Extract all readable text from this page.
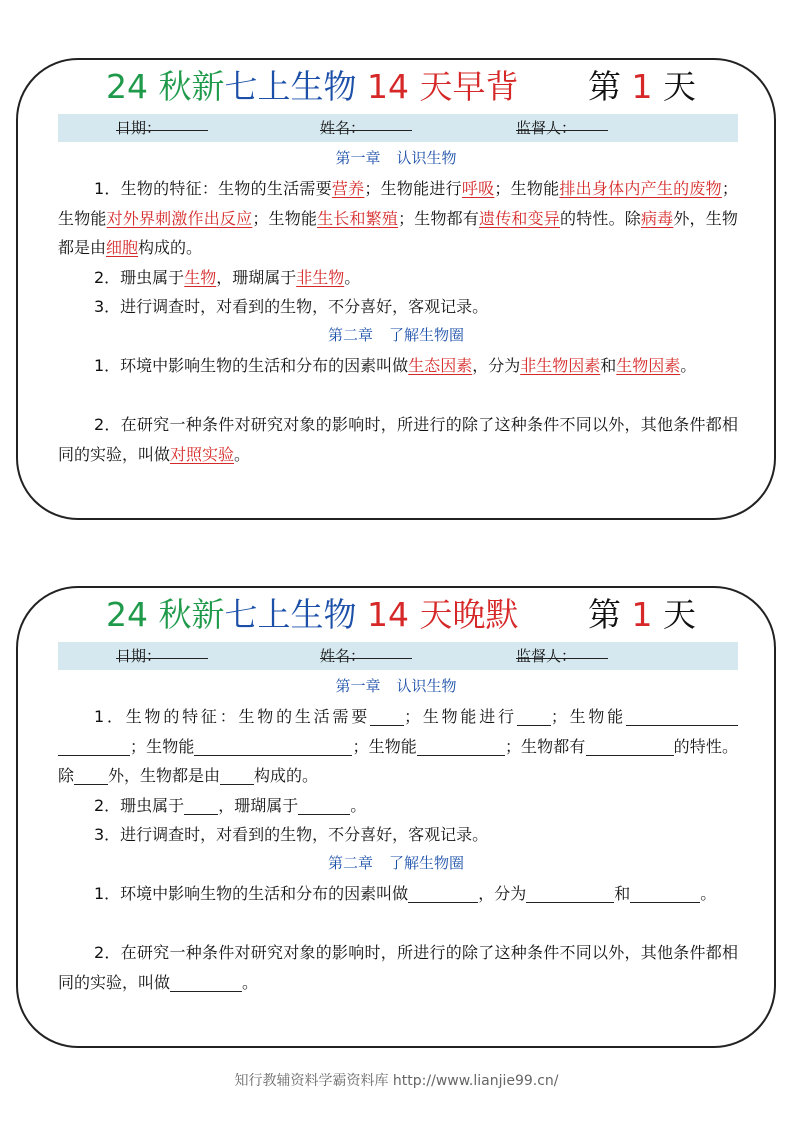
24 秋新七上生物 14 天早背 第 1 天
日期：	姓名：	监督人：
第一章 认识生物
1．生物的特征：生物的生活需要营养；生物能进行呼吸；生物能排出身体内产生的废物；生物能对外界刺激作出反应；生物能生长和繁殖；生物都有遗传和变异的特性。除病毒外，生物都是由细胞构成的。
2．珊虫属于生物，珊瑚属于非生物。
3．进行调查时，对看到的生物，不分喜好，客观记录。
第二章 了解生物圈
1．环境中影响生物的生活和分布的因素叫做生态因素，分为非生物因素和生物因素。
2．在研究一种条件对研究对象的影响时，所进行的除了这种条件不同以外，其他条件都相同的实验，叫做对照实验。
24 秋新七上生物 14 天晚默 第 1 天
日期：	姓名：	监督人：
第一章 认识生物
1．生物的特征：生物的生活需要 ；生物能进行 ；生物能；生物能	；生物能	；生物都有	的特性。除 外，生物都是由 构成的。
2．珊虫属于 ，珊瑚属于	。
3．进行调查时，对看到的生物，不分喜好，客观记录。
第二章 了解生物圈
1．环境中影响生物的生活和分布的因素叫做	，分为	和	。
2．在研究一种条件对研究对象的影响时，所进行的除了这种条件不同以外，其他条件都相同的实验，叫做	。
知行教辅资料学霸资料库 http://www.lianjie99.cn/
